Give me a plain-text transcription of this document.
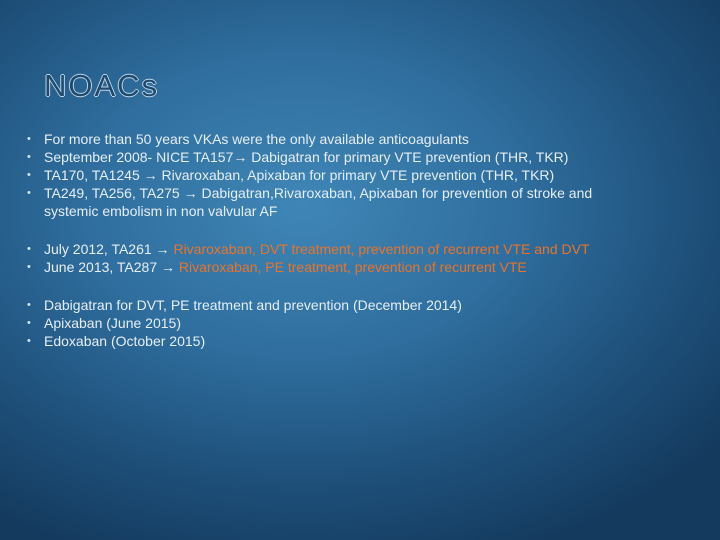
NOACs
• For more than 50 years VKAs were the only available anticoagulants
• September 2008- NICE TA157→ Dabigatran for primary VTE prevention (THR, TKR)
• TA170, TA1245 → Rivaroxaban, Apixaban for primary VTE prevention (THR, TKR)
• TA249, TA256, TA275 → Dabigatran,Rivaroxaban, Apixaban for prevention of stroke and
systemic embolism in non valvular AF
• July 2012, TA261 → Rivaroxaban, DVT treatment, prevention of recurrent VTE and DVT
• June 2013, TA287 → Rivaroxaban, PE treatment, prevention of recurrent VTE
• Dabigatran for DVT, PE treatment and prevention (December 2014)
• Apixaban (June 2015)
• Edoxaban (October 2015)
